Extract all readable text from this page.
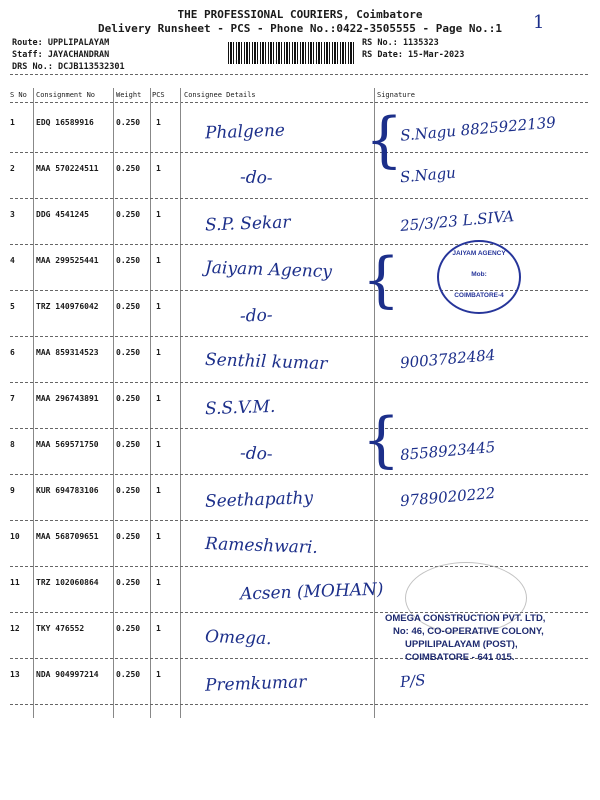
THE PROFESSIONAL COURIERS, Coimbatore
Delivery Runsheet - PCS - Phone No.:0422-3505555 - Page No.:1	1
Route: UPPLIPALAYAM
Staff: JAYACHANDRAN
DRS No.: DCJB113532301
RS No.: 1135323
RS Date: 15-Mar-2023
S No Consignment No	Weight PCS	Consignee Details	Signature
1	EDQ 16589916	0.250 1	Phalgene	S.Nagu 8825922139
2	MAA 570224511 0.250 1	-do-	S.Nagu
3	DDG 4541245	0.250 1	S.P. Sekar	25/3/23 L.SIVA
4	MAA 299525441 0.250 1	Jaiyam Agency
5	TRZ 140976042 0.250 1	-do-
6	MAA 859314523 0.250 1	Senthil kumar	9003782484
7	MAA 296743891 0.250 1	S.S.V.M.
8	MAA 569571750 0.250 1	-do-	8558923445
9	KUR 694783106 0.250 1	Seethapathy	9789020222
10 MAA 568709651 0.250 1	Rameshwari.
11 TRZ 102060864 0.250 1	Acsen (MOHAN)
12 TKY 476552	0.250 1	Omega.
13 NDA 904997214 0.250 1	Premkumar	P/S
JAIYAM AGENCY
Mob:
COIMBATORE-4
OMEGA CONSTRUCTION PVT. LTD,
No: 46, CO-OPERATIVE COLONY,
UPPILIPALAYAM (POST),
COIMBATORE - 641 015.
{
{
{
